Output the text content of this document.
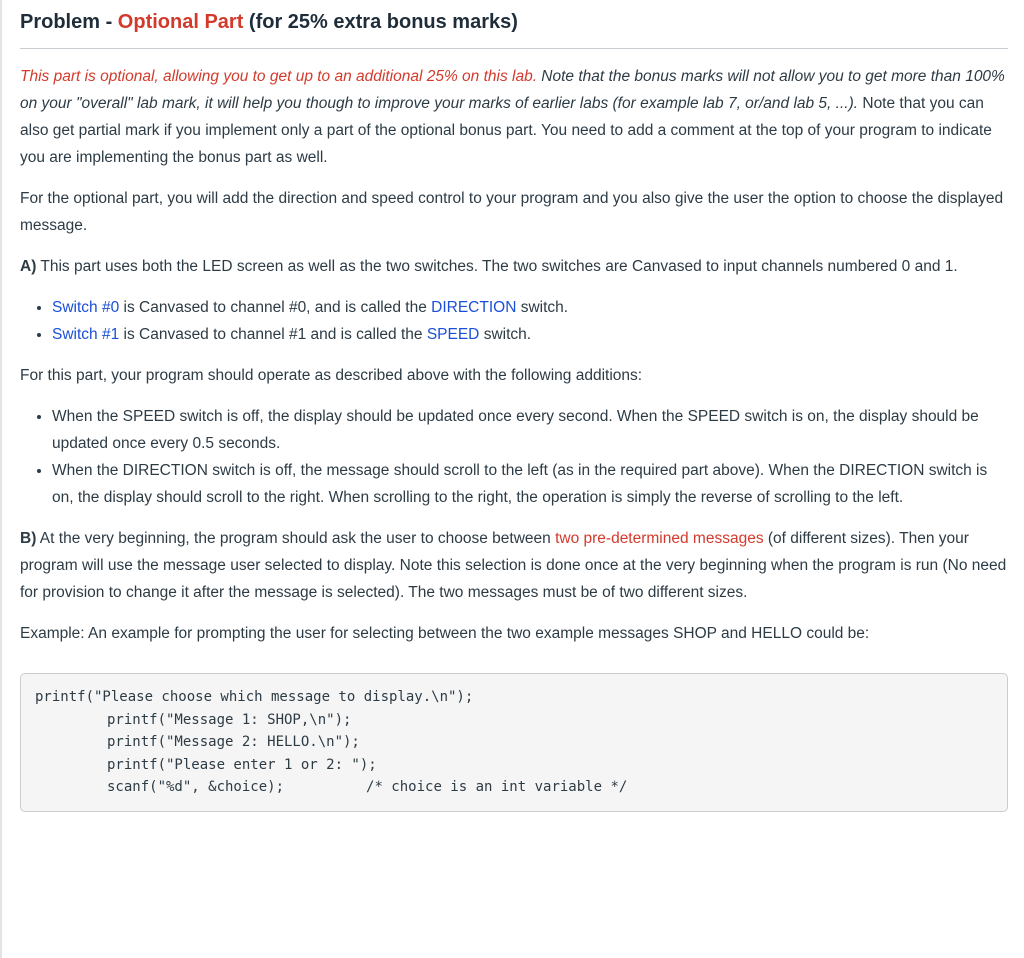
Problem - Optional Part (for 25% extra bonus marks)

This part is optional, allowing you to get up to an additional 25% on this lab. Note that the bonus marks will not allow you to get more than 100% on your "overall" lab mark, it will help you though to improve your marks of earlier labs (for example lab 7, or/and lab 5, ...). Note that you can also get partial mark if you implement only a part of the optional bonus part. You need to add a comment at the top of your program to indicate you are implementing the bonus part as well.

For the optional part, you will add the direction and speed control to your program and you also give the user the option to choose the displayed message.

A) This part uses both the LED screen as well as the two switches. The two switches are Canvased to input channels numbered 0 and 1.

• Switch #0 is Canvased to channel #0, and is called the DIRECTION switch.
• Switch #1 is Canvased to channel #1 and is called the SPEED switch.

For this part, your program should operate as described above with the following additions:

• When the SPEED switch is off, the display should be updated once every second. When the SPEED switch is on, the display should be updated once every 0.5 seconds.
• When the DIRECTION switch is off, the message should scroll to the left (as in the required part above). When the DIRECTION switch is on, the display should scroll to the right. When scrolling to the right, the operation is simply the reverse of scrolling to the left.

B) At the very beginning, the program should ask the user to choose between two pre-determined messages (of different sizes). Then your program will use the message user selected to display. Note this selection is done once at the very beginning when the program is run (No need for provision to change it after the message is selected). The two messages must be of two different sizes.

Example: An example for prompting the user for selecting between the two example messages SHOP and HELLO could be:

printf("Please choose which message to display.\n");
printf("Message 1: SHOP,\n");
printf("Message 2: HELLO.\n");
printf("Please enter 1 or 2: ");
scanf("%d", &choice);	/* choice is an int variable */
